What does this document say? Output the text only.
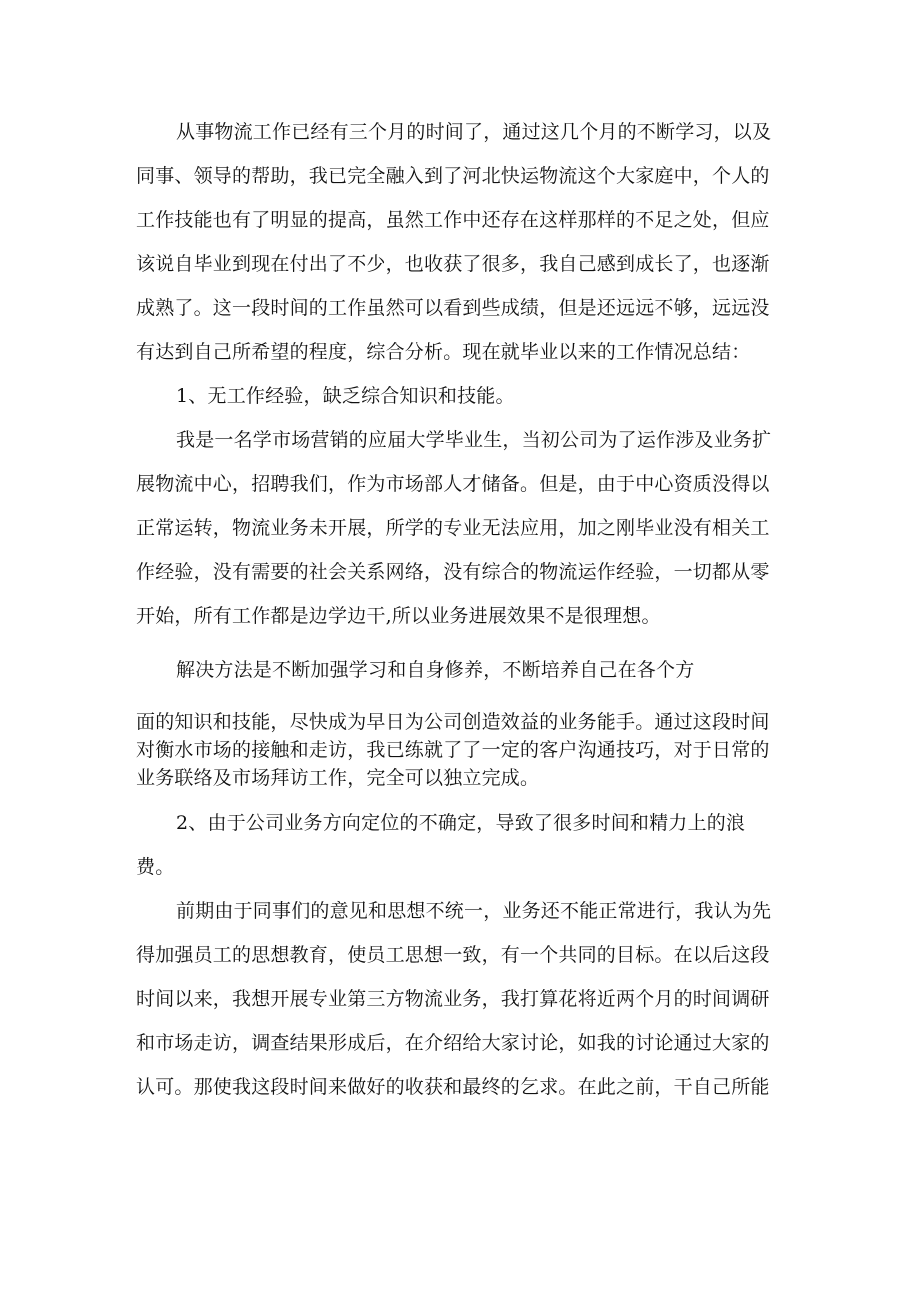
从事物流工作已经有三个月的时间了，通过这几个月的不断学习，以及
同事、领导的帮助，我已完全融入到了河北快运物流这个大家庭中，个人的
工作技能也有了明显的提高，虽然工作中还存在这样那样的不足之处，但应
该说自毕业到现在付出了不少，也收获了很多，我自己感到成长了，也逐渐
成熟了。这一段时间的工作虽然可以看到些成绩，但是还远远不够，远远没
有达到自己所希望的程度，综合分析。现在就毕业以来的工作情况总结：
1、无工作经验，缺乏综合知识和技能。
我是一名学市场营销的应届大学毕业生，当初公司为了运作涉及业务扩
展物流中心，招聘我们，作为市场部人才储备。但是，由于中心资质没得以
正常运转，物流业务未开展，所学的专业无法应用，加之刚毕业没有相关工
作经验，没有需要的社会关系网络，没有综合的物流运作经验，一切都从零
开始，所有工作都是边学边干,所以业务进展效果不是很理想。
解决方法是不断加强学习和自身修养，不断培养自己在各个方
面的知识和技能，尽快成为早日为公司创造效益的业务能手。通过这段时间
对衡水市场的接触和走访，我已练就了了一定的客户沟通技巧，对于日常的
业务联络及市场拜访工作，完全可以独立完成。
2、由于公司业务方向定位的不确定，导致了很多时间和精力上的浪
费。
前期由于同事们的意见和思想不统一，业务还不能正常进行，我认为先
得加强员工的思想教育，使员工思想一致，有一个共同的目标。在以后这段
时间以来，我想开展专业第三方物流业务，我打算花将近两个月的时间调研
和市场走访，调查结果形成后，在介绍给大家讨论，如我的讨论通过大家的
认可。那使我这段时间来做好的收获和最终的乞求。在此之前，干自己所能
